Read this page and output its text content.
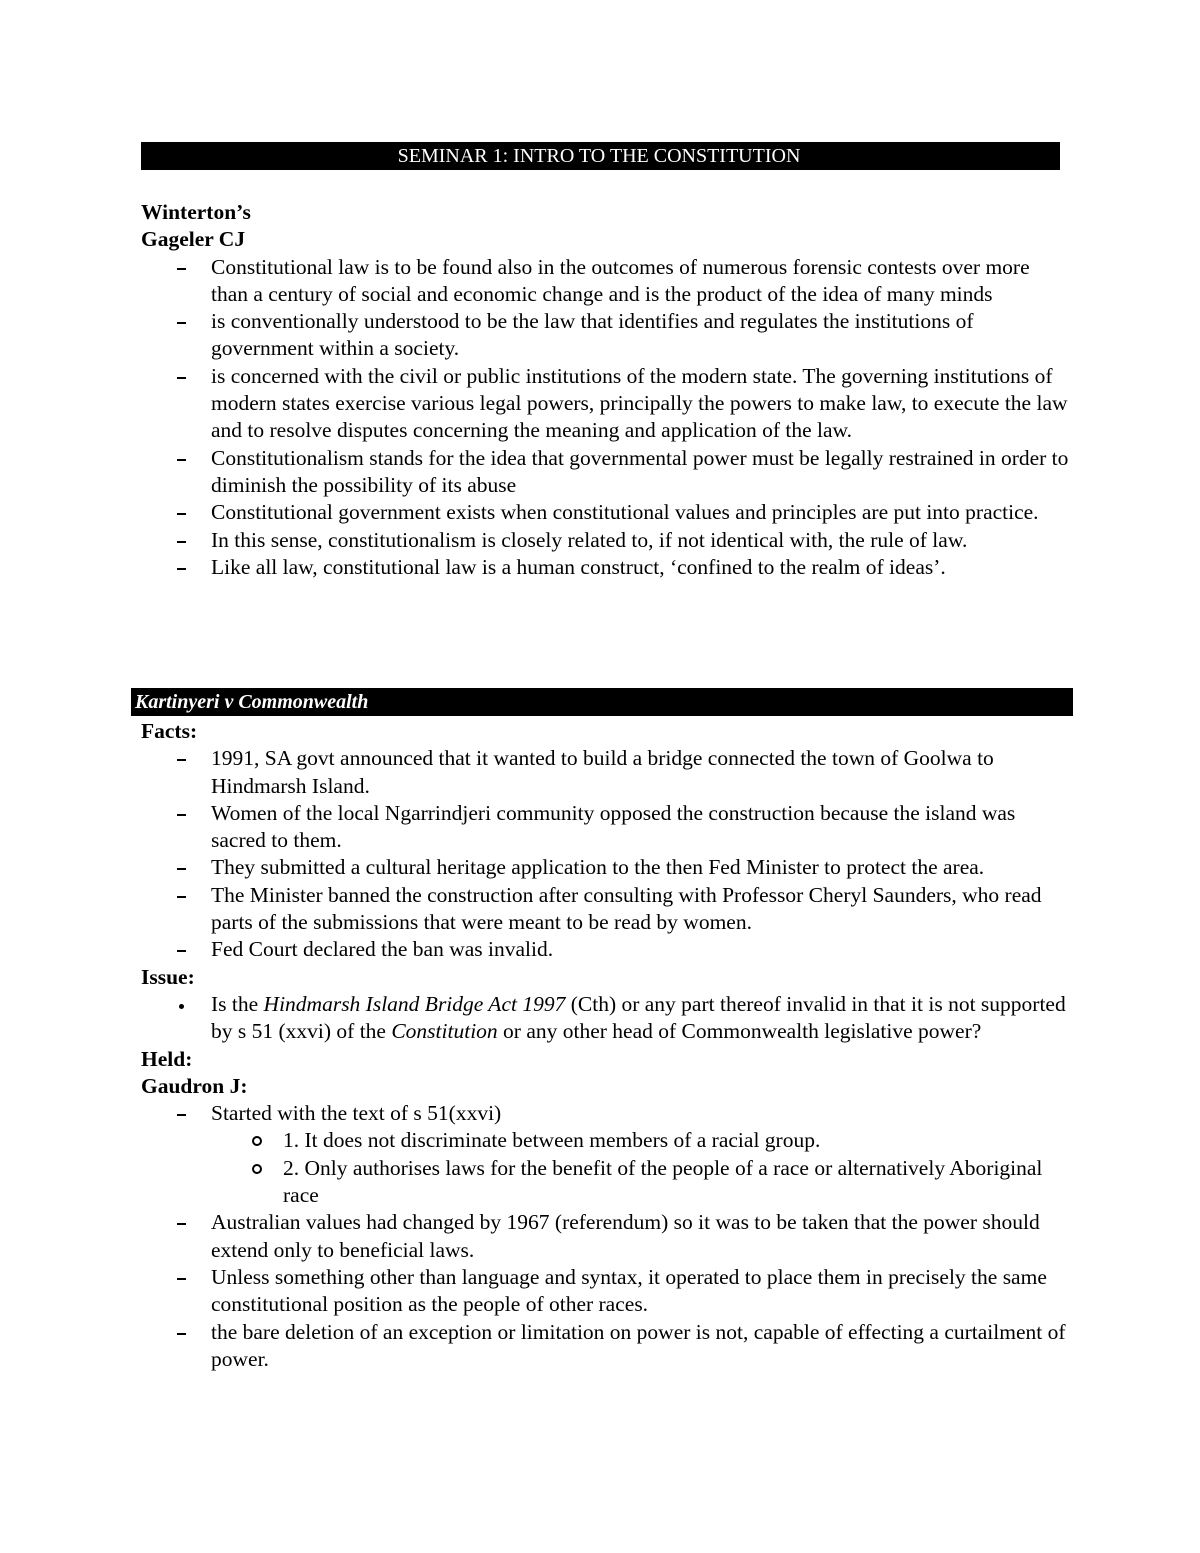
SEMINAR 1: INTRO TO THE CONSTITUTION
Winterton’s
Gageler CJ
Constitutional law is to be found also in the outcomes of numerous forensic contests over more than a century of social and economic change and is the product of the idea of many minds
is conventionally understood to be the law that identifies and regulates the institutions of government within a society.
is concerned with the civil or public institutions of the modern state. The governing institutions of modern states exercise various legal powers, principally the powers to make law, to execute the law and to resolve disputes concerning the meaning and application of the law.
Constitutionalism stands for the idea that governmental power must be legally restrained in order to diminish the possibility of its abuse
Constitutional government exists when constitutional values and principles are put into practice.
In this sense, constitutionalism is closely related to, if not identical with, the rule of law.
Like all law, constitutional law is a human construct, ‘confined to the realm of ideas’.
Kartinyeri v Commonwealth
Facts:
1991, SA govt announced that it wanted to build a bridge connected the town of Goolwa to Hindmarsh Island.
Women of the local Ngarrindjeri community opposed the construction because the island was sacred to them.
They submitted a cultural heritage application to the then Fed Minister to protect the area.
The Minister banned the construction after consulting with Professor Cheryl Saunders, who read parts of the submissions that were meant to be read by women.
Fed Court declared the ban was invalid.
Issue:
Is the Hindmarsh Island Bridge Act 1997 (Cth) or any part thereof invalid in that it is not supported by s 51 (xxvi) of the Constitution or any other head of Commonwealth legislative power?
Held:
Gaudron J:
Started with the text of s 51(xxvi)
1. It does not discriminate between members of a racial group.
2. Only authorises laws for the benefit of the people of a race or alternatively Aboriginal race
Australian values had changed by 1967 (referendum) so it was to be taken that the power should extend only to beneficial laws.
Unless something other than language and syntax, it operated to place them in precisely the same constitutional position as the people of other races.
the bare deletion of an exception or limitation on power is not, capable of effecting a curtailment of power.
